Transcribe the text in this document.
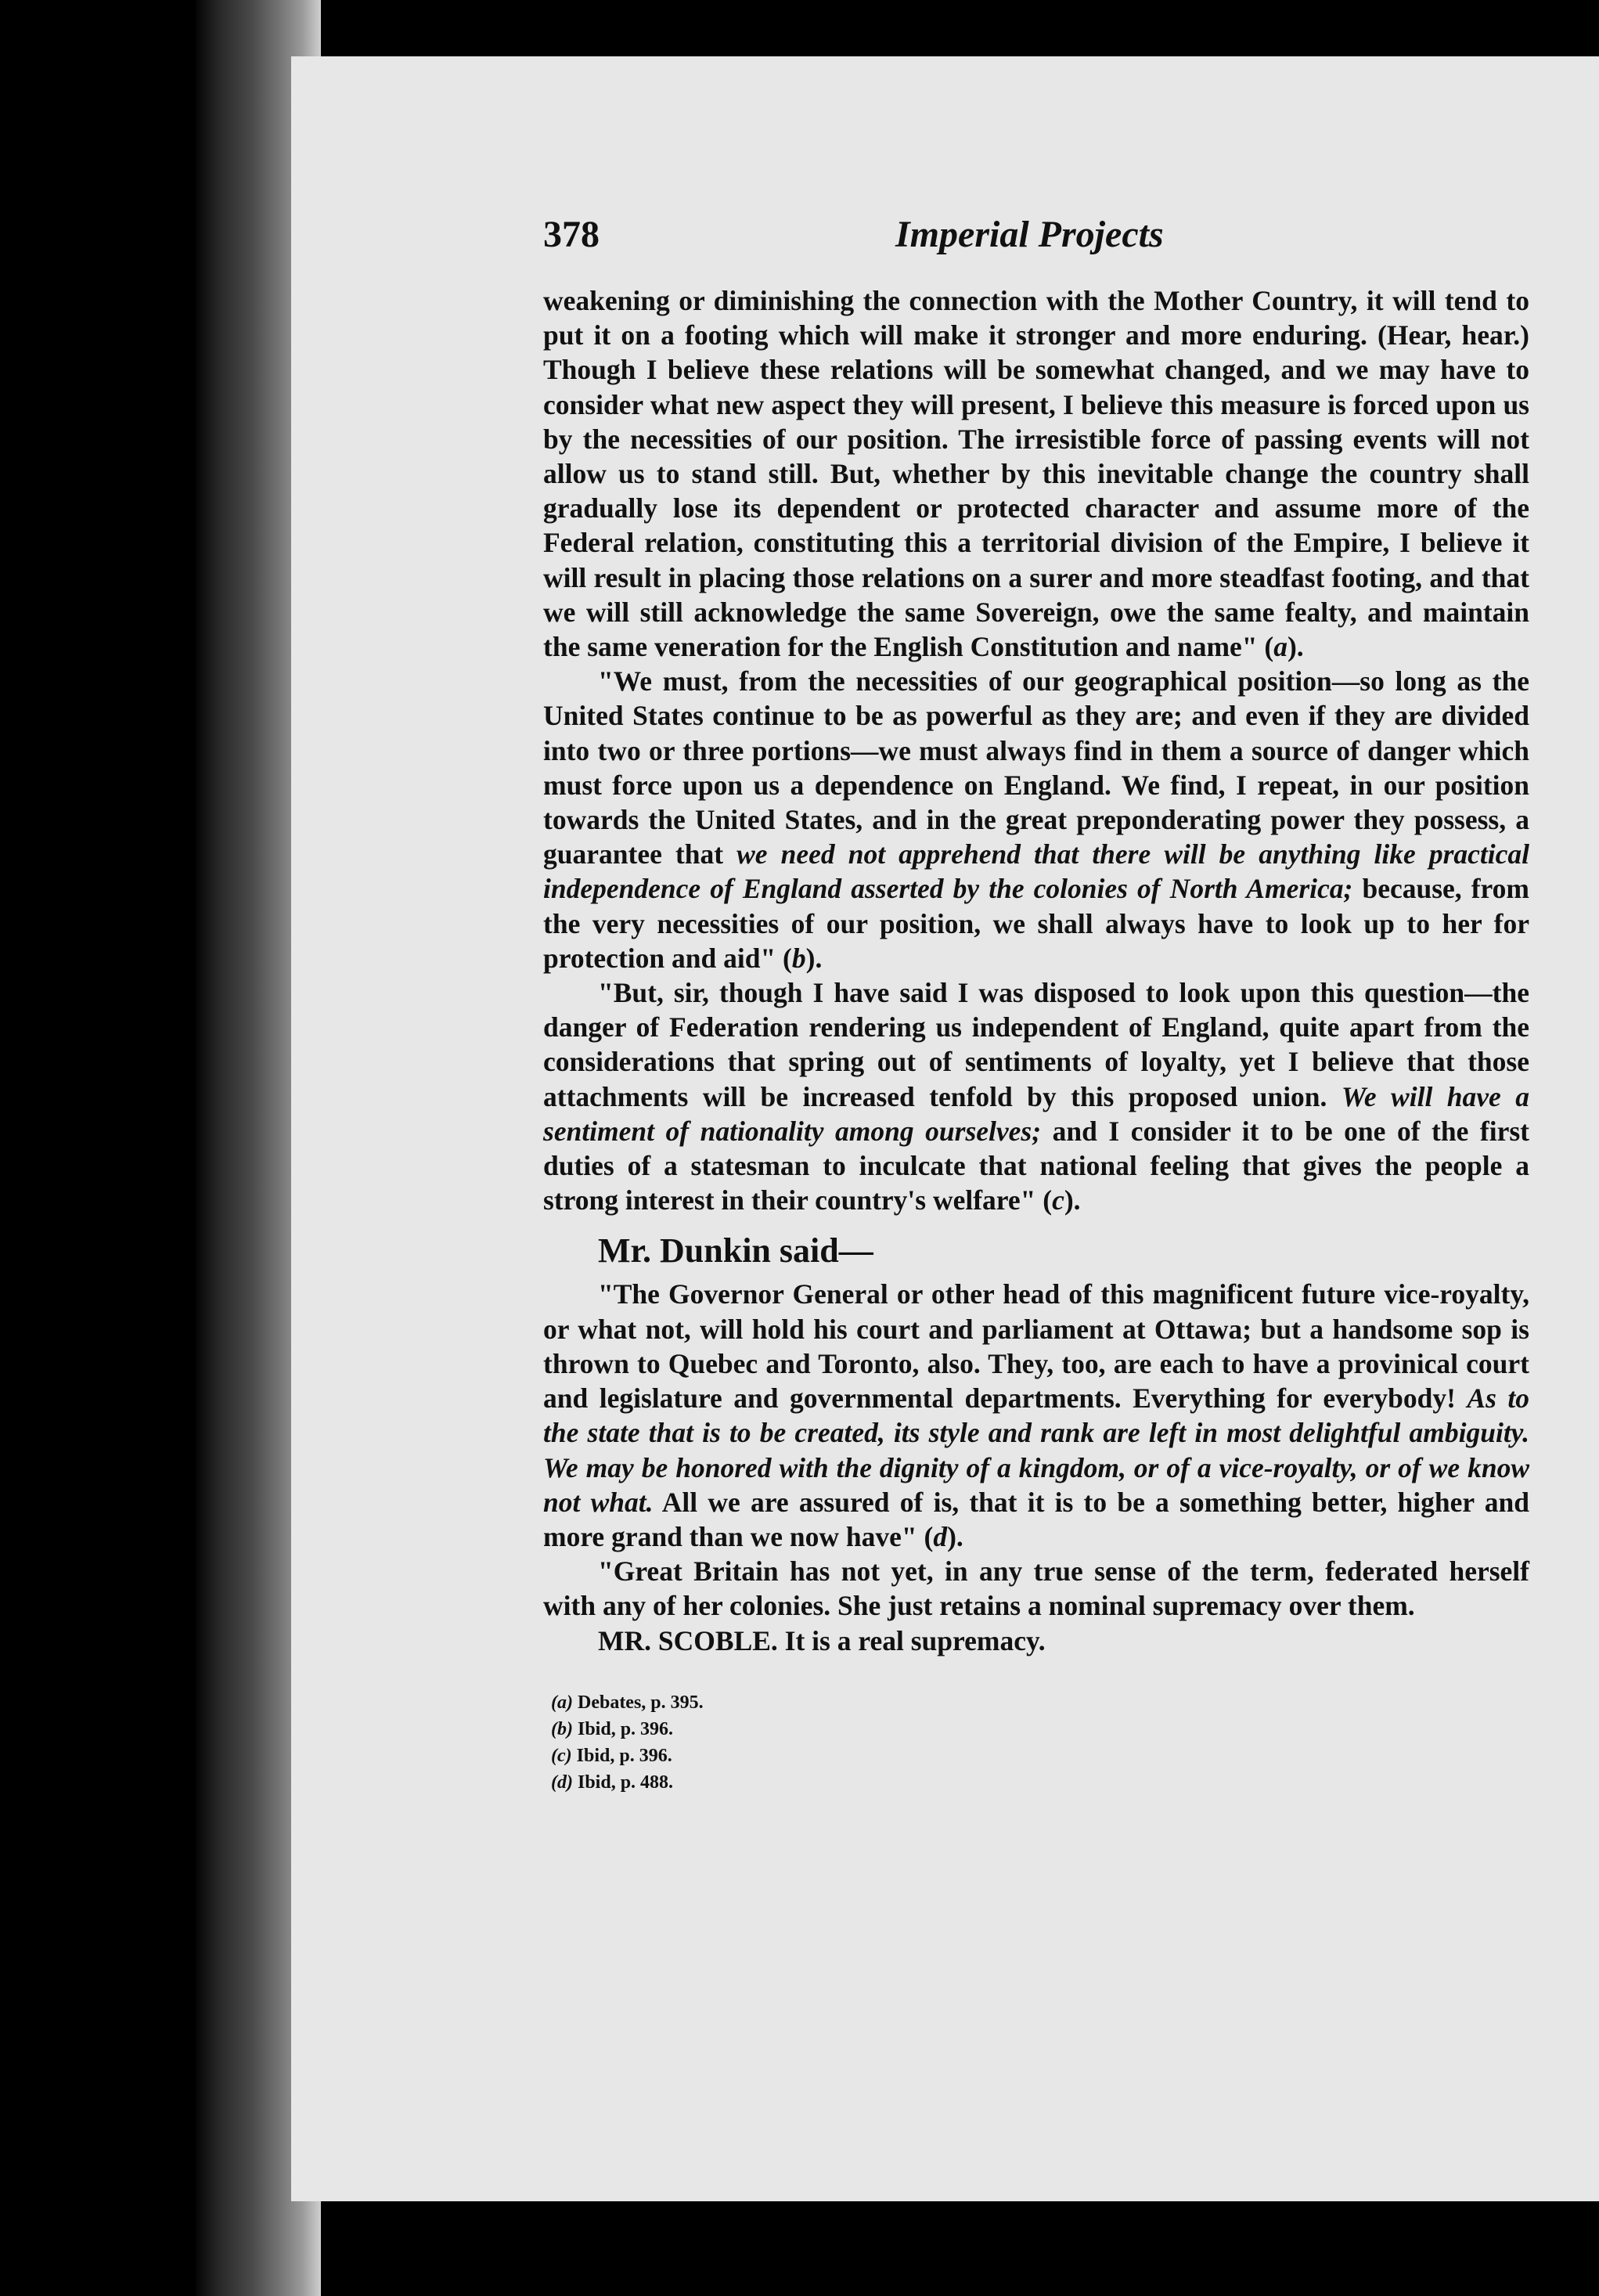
378	Imperial Projects

weakening or diminishing the connection with the Mother Country, it will tend to put it on a footing which will make it stronger and more enduring. (Hear, hear.) Though I believe these relations will be somewhat changed, and we may have to consider what new aspect they will present, I believe this measure is forced upon us by the necessities of our position. The irresistible force of passing events will not allow us to stand still. But, whether by this inevitable change the country shall gradually lose its dependent or protected character and assume more of the Federal relation, constituting this a territorial division of the Empire, I believe it will result in placing those relations on a surer and more steadfast footing, and that we will still acknowledge the same Sovereign, owe the same fealty, and maintain the same veneration for the English Constitution and name" (a).

"We must, from the necessities of our geographical position—so long as the United States continue to be as powerful as they are; and even if they are divided into two or three portions—we must always find in them a source of danger which must force upon us a dependence on England. We find, I repeat, in our position towards the United States, and in the great preponderating power they possess, a guarantee that we need not apprehend that there will be anything like practical independence of England asserted by the colonies of North America; because, from the very necessities of our position, we shall always have to look up to her for protection and aid" (b).

"But, sir, though I have said I was disposed to look upon this question—the danger of Federation rendering us independent of England, quite apart from the considerations that spring out of sentiments of loyalty, yet I believe that those attachments will be increased tenfold by this proposed union. We will have a sentiment of nationality among ourselves; and I consider it to be one of the first duties of a statesman to inculcate that national feeling that gives the people a strong interest in their country's welfare" (c).

Mr. Dunkin said—

"The Governor General or other head of this magnificent future vice-royalty, or what not, will hold his court and parliament at Ottawa; but a handsome sop is thrown to Quebec and Toronto, also. They, too, are each to have a provinical court and legislature and governmental departments. Everything for everybody! As to the state that is to be created, its style and rank are left in most delightful ambiguity. We may be honored with the dignity of a kingdom, or of a vice-royalty, or of we know not what. All we are assured of is, that it is to be a something better, higher and more grand than we now have" (d).

"Great Britain has not yet, in any true sense of the term, federated herself with any of her colonies. She just retains a nominal supremacy over them.

MR. SCOBLE. It is a real supremacy.

(a) Debates, p. 395.
(b) Ibid, p. 396.
(c) Ibid, p. 396.
(d) Ibid, p. 488.
